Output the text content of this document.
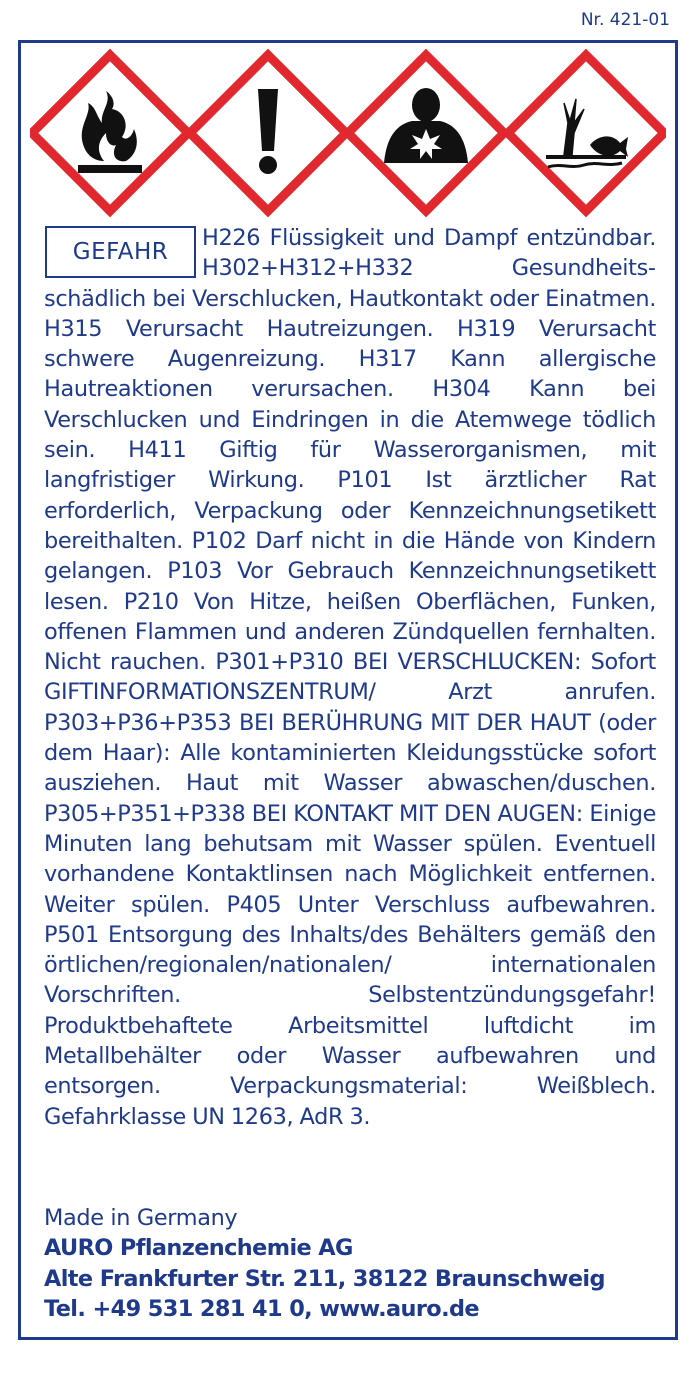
Nr. 421-01
GEFAHR
H226 Flüssigkeit und Dampf entzündbar. H302+H312+H332 Gesundheitsschädlich bei Verschlucken, Hautkontakt oder Einatmen. H315 Verursacht Hautreizungen. H319 Verursacht schwere Augenreizung. H317 Kann allergische Hautreaktionen verursachen. H304 Kann bei Verschlucken und Eindringen in die Atemwege tödlich sein. H411 Giftig für Wasserorganismen, mit langfristiger Wirkung. P101 Ist ärztlicher Rat erforderlich, Verpackung oder Kennzeichnungsetikett bereithalten. P102 Darf nicht in die Hände von Kindern gelangen. P103 Vor Gebrauch Kennzeichnungsetikett lesen. P210 Von Hitze, heißen Oberflächen, Funken, offenen Flammen und anderen Zündquellen fernhalten. Nicht rauchen. P301+P310 BEI VERSCHLUCKEN: Sofort GIFTINFORMATIONSZENTRUM/ Arzt anrufen. P303+P36+P353 BEI BERÜHRUNG MIT DER HAUT (oder dem Haar): Alle kontaminierten Kleidungsstücke sofort ausziehen. Haut mit Wasser abwaschen/duschen. P305+P351+P338 BEI KONTAKT MIT DEN AUGEN: Einige Minuten lang behutsam mit Wasser spülen. Eventuell vorhandene Kontaktlinsen nach Möglichkeit entfernen. Weiter spülen. P405 Unter Verschluss aufbewahren. P501 Entsorgung des Inhalts/des Behälters gemäß den örtlichen/regionalen/nationalen/ internationalen Vorschriften. Selbstentzündungsgefahr! Produktbehaftete Arbeitsmittel luftdicht im Metallbehälter oder Wasser aufbewahren und entsorgen. Verpackungsmaterial: Weißblech. Gefahrklasse UN 1263, AdR 3.
Made in Germany
AURO Pflanzenchemie AG
Alte Frankfurter Str. 211, 38122 Braunschweig
Tel. +49 531 281 41 0, www.auro.de
